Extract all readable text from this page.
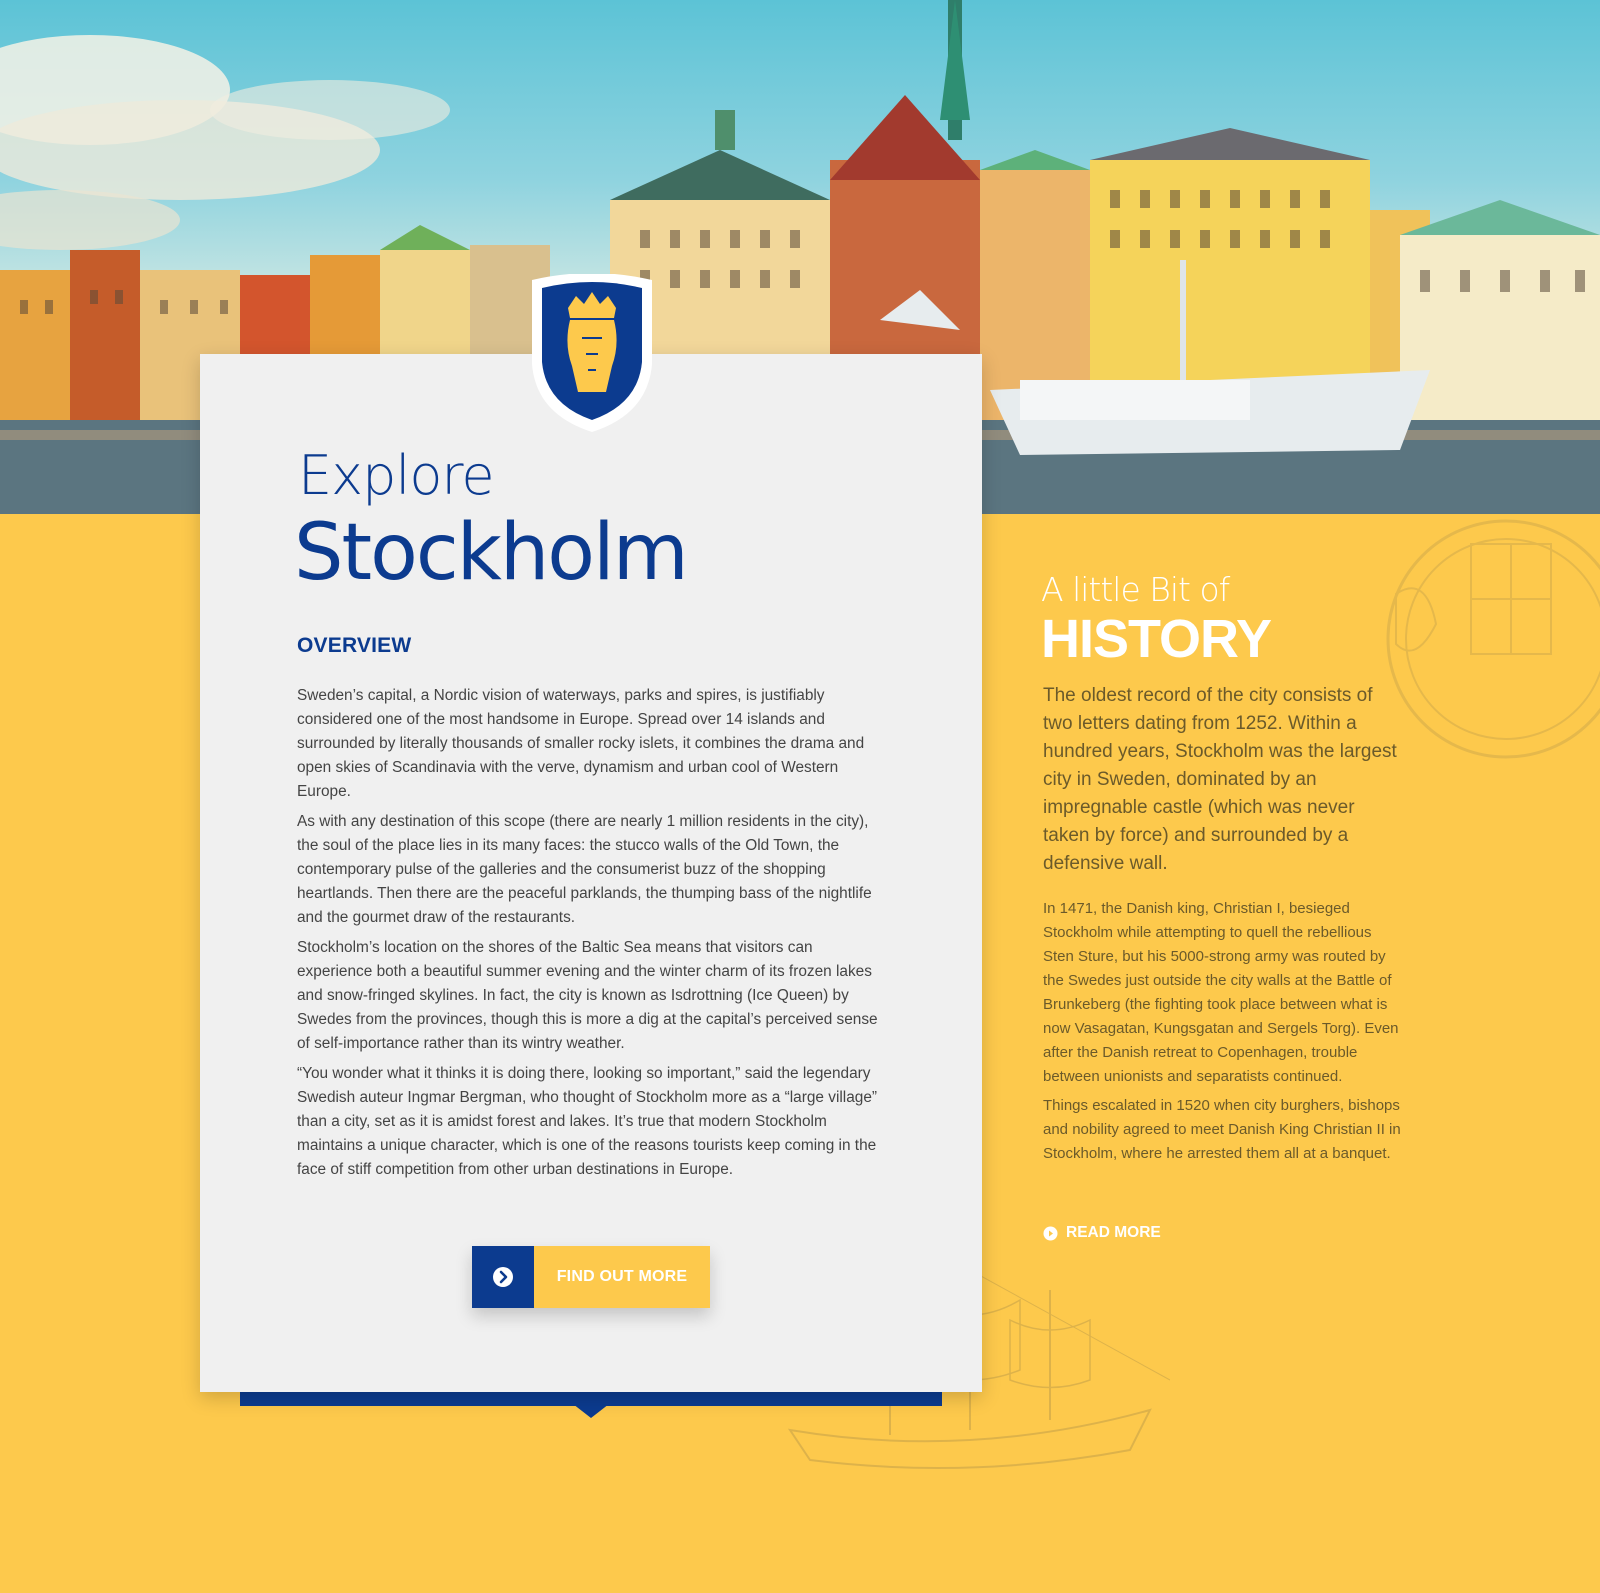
Explore
Stockholm
OVERVIEW

Sweden’s capital, a Nordic vision of waterways, parks and spires, is justifiably considered one of the most handsome in Europe. Spread over 14 islands and surrounded by literally thousands of smaller rocky islets, it combines the drama and open skies of Scandinavia with the verve, dynamism and urban cool of Western Europe.

As with any destination of this scope (there are nearly 1 million residents in the city), the soul of the place lies in its many faces: the stucco walls of the Old Town, the contemporary pulse of the galleries and the consumerist buzz of the shopping heartlands. Then there are the peaceful parklands, the thumping bass of the nightlife and the gourmet draw of the restaurants.

Stockholm’s location on the shores of the Baltic Sea means that visitors can experience both a beautiful summer evening and the winter charm of its frozen lakes and snow-fringed skylines. In fact, the city is known as Isdrottning (Ice Queen) by Swedes from the provinces, though this is more a dig at the capital’s perceived sense of self-importance rather than its wintry weather.

“You wonder what it thinks it is doing there, looking so important,” said the legendary Swedish auteur Ingmar Bergman, who thought of Stockholm more as a “large village” than a city, set as it is amidst forest and lakes. It’s true that modern Stockholm maintains a unique character, which is one of the reasons tourists keep coming in the face of stiff competition from other urban destinations in Europe.

FIND OUT MORE
A little Bit of
HISTORY
The oldest record of the city consists of two letters dating from 1252. Within a hundred years, Stockholm was the largest city in Sweden, dominated by an impregnable castle (which was never taken by force) and surrounded by a defensive wall.

In 1471, the Danish king, Christian I, besieged Stockholm while attempting to quell the rebellious Sten Sture, but his 5000-strong army was routed by the Swedes just outside the city walls at the Battle of Brunkeberg (the fighting took place between what is now Vasagatan, Kungsgatan and Sergels Torg). Even after the Danish retreat to Copenhagen, trouble between unionists and separatists continued.

Things escalated in 1520 when city burghers, bishops and nobility agreed to meet Danish King Christian II in Stockholm, where he arrested them all at a banquet.

READ MORE
